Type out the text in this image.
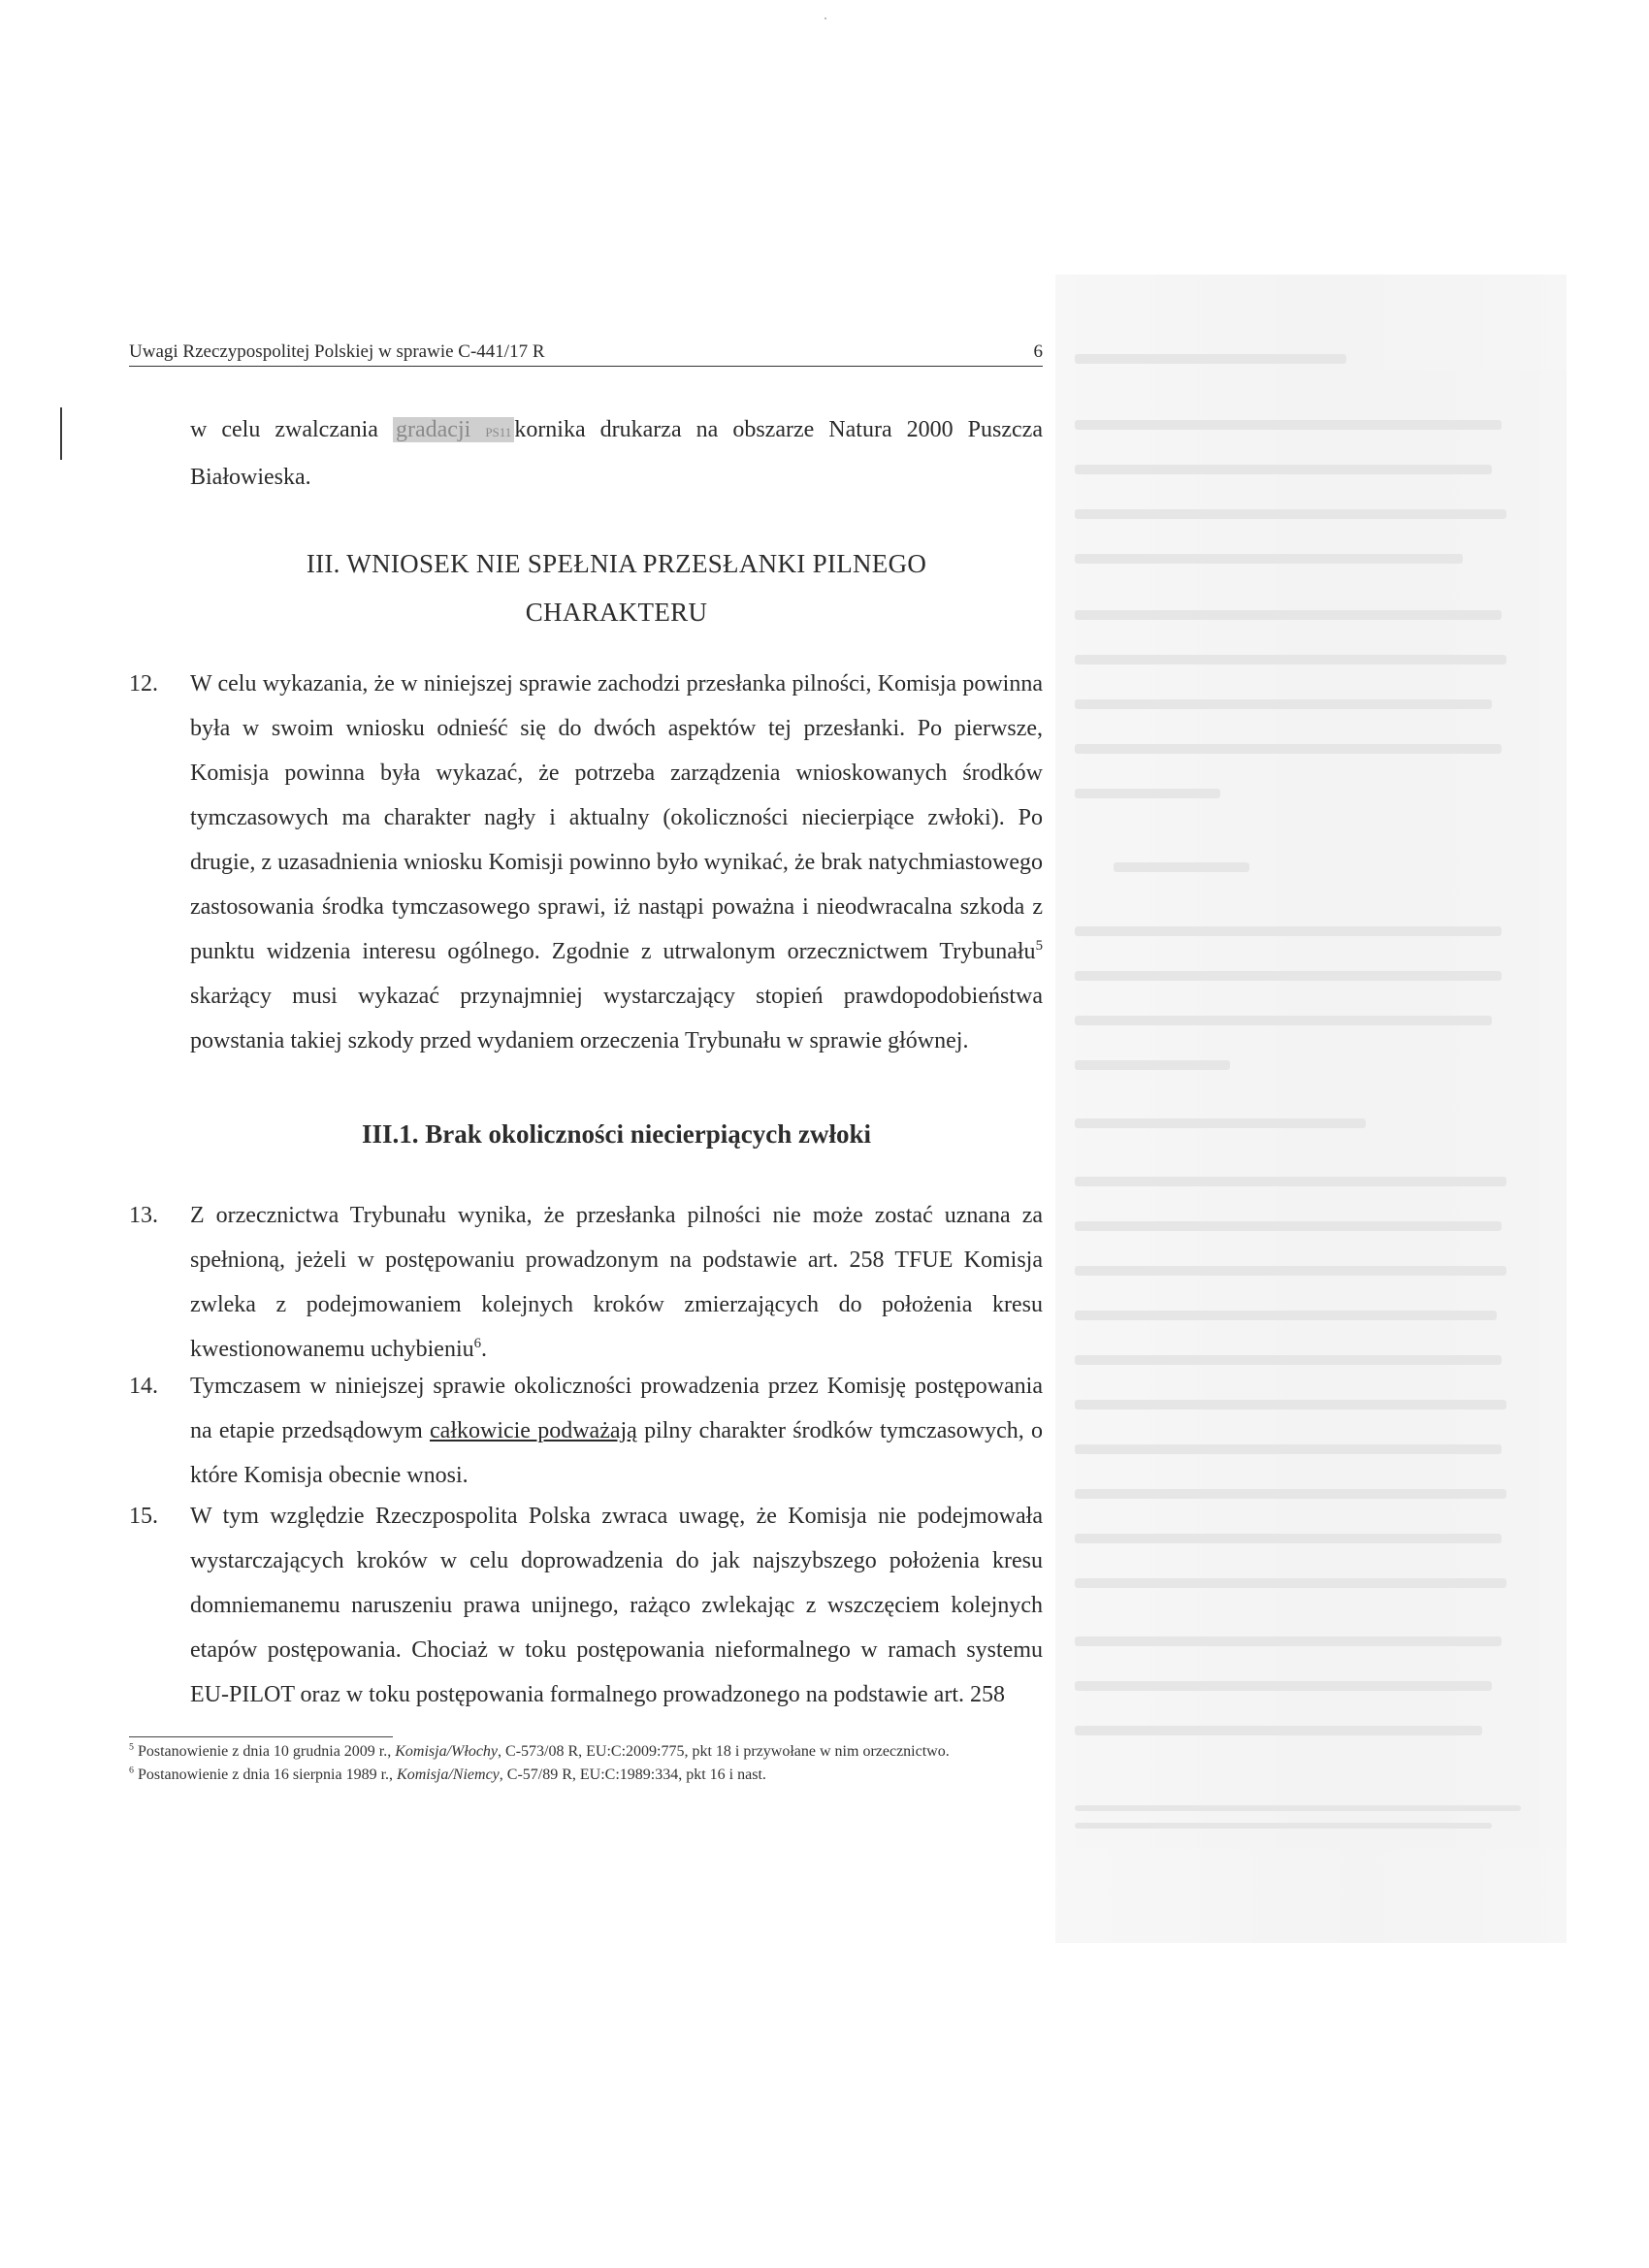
Uwagi Rzeczypospolitej Polskiej w sprawie C-441/17 R	6
w celu zwalczania gradacji PS11 kornika drukarza na obszarze Natura 2000 Puszcza Białowieska.
III. WNIOSEK NIE SPEŁNIA PRZESŁANKI PILNEGO
CHARAKTERU
12.	W celu wykazania, że w niniejszej sprawie zachodzi przesłanka pilności, Komisja powinna była w swoim wniosku odnieść się do dwóch aspektów tej przesłanki. Po pierwsze, Komisja powinna była wykazać, że potrzeba zarządzenia wnioskowanych środków tymczasowych ma charakter nagły i aktualny (okoliczności niecierpiące zwłoki). Po drugie, z uzasadnienia wniosku Komisji powinno było wynikać, że brak natychmiastowego zastosowania środka tymczasowego sprawi, iż nastąpi poważna i nieodwracalna szkoda z punktu widzenia interesu ogólnego. Zgodnie z utrwalonym orzecznictwem Trybunału$^5$ skarżący musi wykazać przynajmniej wystarczający stopień prawdopodobieństwa powstania takiej szkody przed wydaniem orzeczenia Trybunału w sprawie głównej.
III.1. Brak okoliczności niecierpiących zwłoki
13.	Z orzecznictwa Trybunału wynika, że przesłanka pilności nie może zostać uznana za spełnioną, jeżeli w postępowaniu prowadzonym na podstawie art. 258 TFUE Komisja zwleka z podejmowaniem kolejnych kroków zmierzających do położenia kresu kwestionowanemu uchybieniu$^6$.
14.	Tymczasem w niniejszej sprawie okoliczności prowadzenia przez Komisję postępowania na etapie przedsądowym całkowicie podważają pilny charakter środków tymczasowych, o które Komisja obecnie wnosi.
15.	W tym względzie Rzeczpospolita Polska zwraca uwagę, że Komisja nie podejmowała wystarczających kroków w celu doprowadzenia do jak najszybszego położenia kresu domniemanemu naruszeniu prawa unijnego, rażąco zwlekając z wszczęciem kolejnych etapów postępowania. Chociaż w toku postępowania nieformalnego w ramach systemu EU-PILOT oraz w toku postępowania formalnego prowadzonego na podstawie art. 258
$^5$ Postanowienie z dnia 10 grudnia 2009 r., Komisja/Włochy, C-573/08 R, EU:C:2009:775, pkt 18 i przywołane w nim orzecznictwo.
$^6$ Postanowienie z dnia 16 sierpnia 1989 r., Komisja/Niemcy, C-57/89 R, EU:C:1989:334, pkt 16 i nast.
